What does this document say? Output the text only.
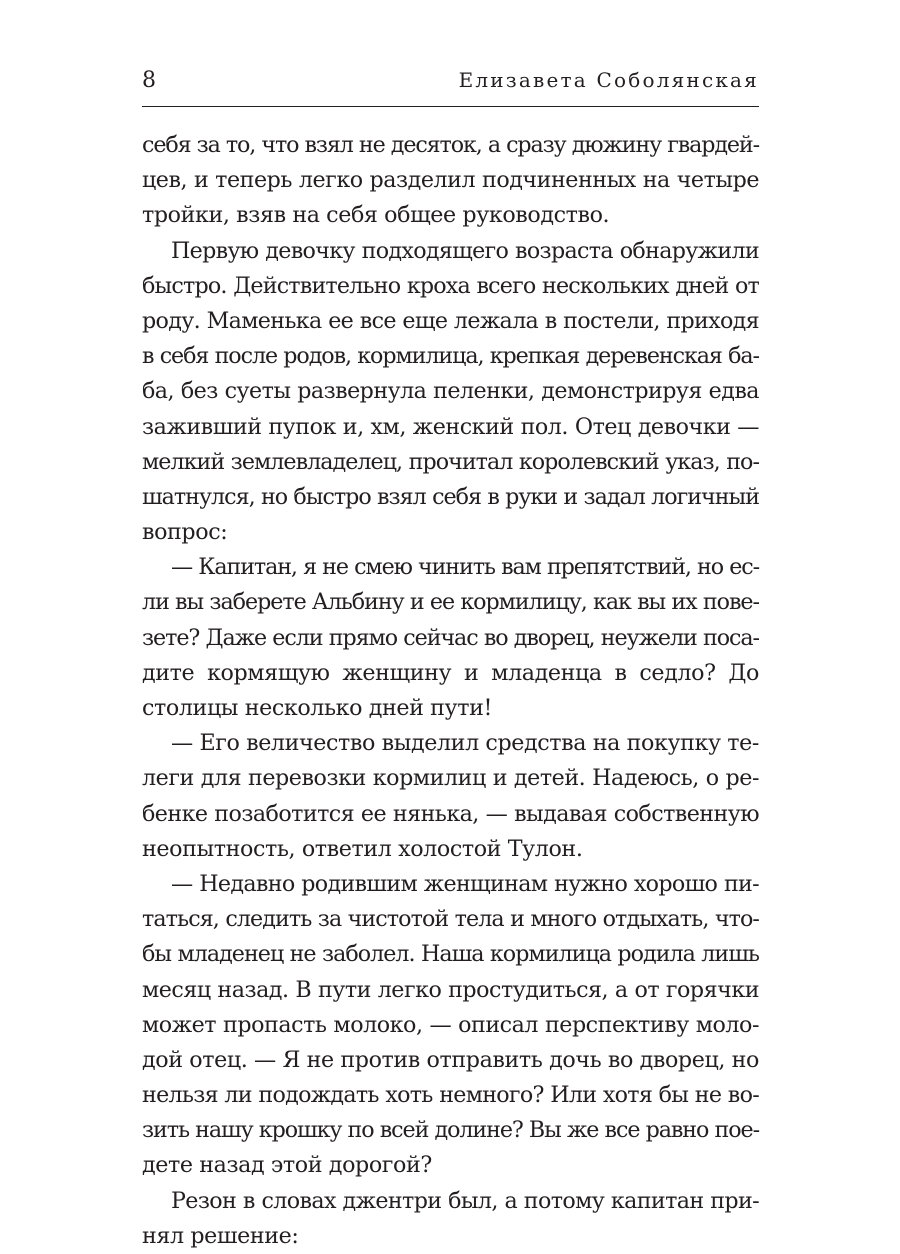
8	Елизавета Соболянская
себя за то, что взял не десяток, а сразу дюжину гвардей-
цев, и теперь легко разделил подчиненных на четыре
тройки, взяв на себя общее руководство.
Первую девочку подходящего возраста обнаружили
быстро. Действительно кроха всего нескольких дней от
роду. Маменька ее все еще лежала в постели, приходя
в себя после родов, кормилица, крепкая деревенская ба-
ба, без суеты развернула пеленки, демонстрируя едва
заживший пупок и, хм, женский пол. Отец девочки —
мелкий землевладелец, прочитал королевский указ, по-
шатнулся, но быстро взял себя в руки и задал логичный
вопрос:
— Капитан, я не смею чинить вам препятствий, но ес-
ли вы заберете Альбину и ее кормилицу, как вы их пове-
зете? Даже если прямо сейчас во дворец, неужели поса-
дите кормящую женщину и младенца в седло? До
столицы несколько дней пути!
— Его величество выделил средства на покупку те-
леги для перевозки кормилиц и детей. Надеюсь, о ре-
бенке позаботится ее нянька, — выдавая собственную
неопытность, ответил холостой Тулон.
— Недавно родившим женщинам нужно хорошо пи-
таться, следить за чистотой тела и много отдыхать, что-
бы младенец не заболел. Наша кормилица родила лишь
месяц назад. В пути легко простудиться, а от горячки
может пропасть молоко, — описал перспективу моло-
дой отец. — Я не против отправить дочь во дворец, но
нельзя ли подождать хоть немного? Или хотя бы не во-
зить нашу крошку по всей долине? Вы же все равно пое-
дете назад этой дорогой?
Резон в словах джентри был, а потому капитан при-
нял решение:
